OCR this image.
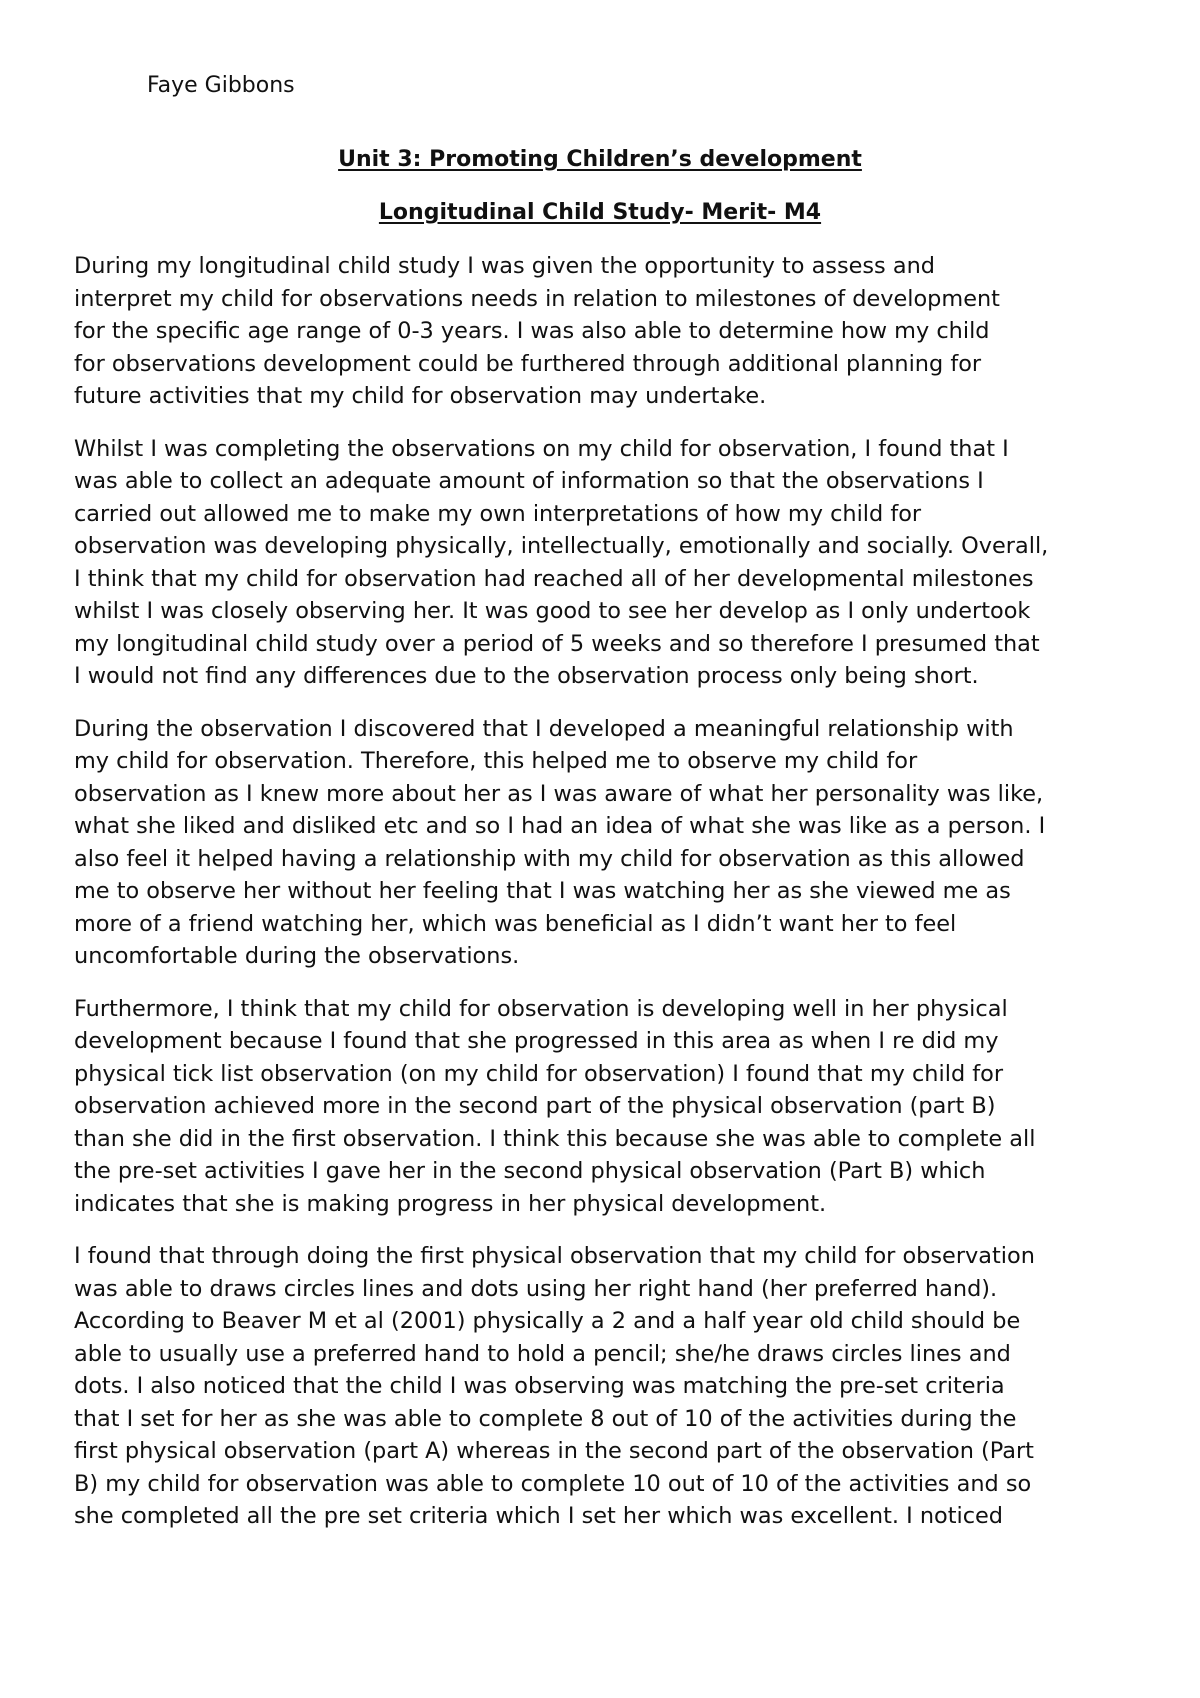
Faye Gibbons

Unit 3: Promoting Children’s development

Longitudinal Child Study- Merit- M4

During my longitudinal child study I was given the opportunity to assess and
interpret my child for observations needs in relation to milestones of development
for the specific age range of 0-3 years. I was also able to determine how my child
for observations development could be furthered through additional planning for
future activities that my child for observation may undertake.

Whilst I was completing the observations on my child for observation, I found that I
was able to collect an adequate amount of information so that the observations I
carried out allowed me to make my own interpretations of how my child for
observation was developing physically, intellectually, emotionally and socially. Overall,
I think that my child for observation had reached all of her developmental milestones
whilst I was closely observing her. It was good to see her develop as I only undertook
my longitudinal child study over a period of 5 weeks and so therefore I presumed that
I would not find any differences due to the observation process only being short.

During the observation I discovered that I developed a meaningful relationship with
my child for observation. Therefore, this helped me to observe my child for
observation as I knew more about her as I was aware of what her personality was like,
what she liked and disliked etc and so I had an idea of what she was like as a person. I
also feel it helped having a relationship with my child for observation as this allowed
me to observe her without her feeling that I was watching her as she viewed me as
more of a friend watching her, which was beneficial as I didn’t want her to feel
uncomfortable during the observations.

Furthermore, I think that my child for observation is developing well in her physical
development because I found that she progressed in this area as when I re did my
physical tick list observation (on my child for observation) I found that my child for
observation achieved more in the second part of the physical observation (part B)
than she did in the first observation. I think this because she was able to complete all
the pre-set activities I gave her in the second physical observation (Part B) which
indicates that she is making progress in her physical development.

I found that through doing the first physical observation that my child for observation
was able to draws circles lines and dots using her right hand (her preferred hand).
According to Beaver M et al (2001) physically a 2 and a half year old child should be
able to usually use a preferred hand to hold a pencil; she/he draws circles lines and
dots. I also noticed that the child I was observing was matching the pre-set criteria
that I set for her as she was able to complete 8 out of 10 of the activities during the
first physical observation (part A) whereas in the second part of the observation (Part
B) my child for observation was able to complete 10 out of 10 of the activities and so
she completed all the pre set criteria which I set her which was excellent. I noticed
